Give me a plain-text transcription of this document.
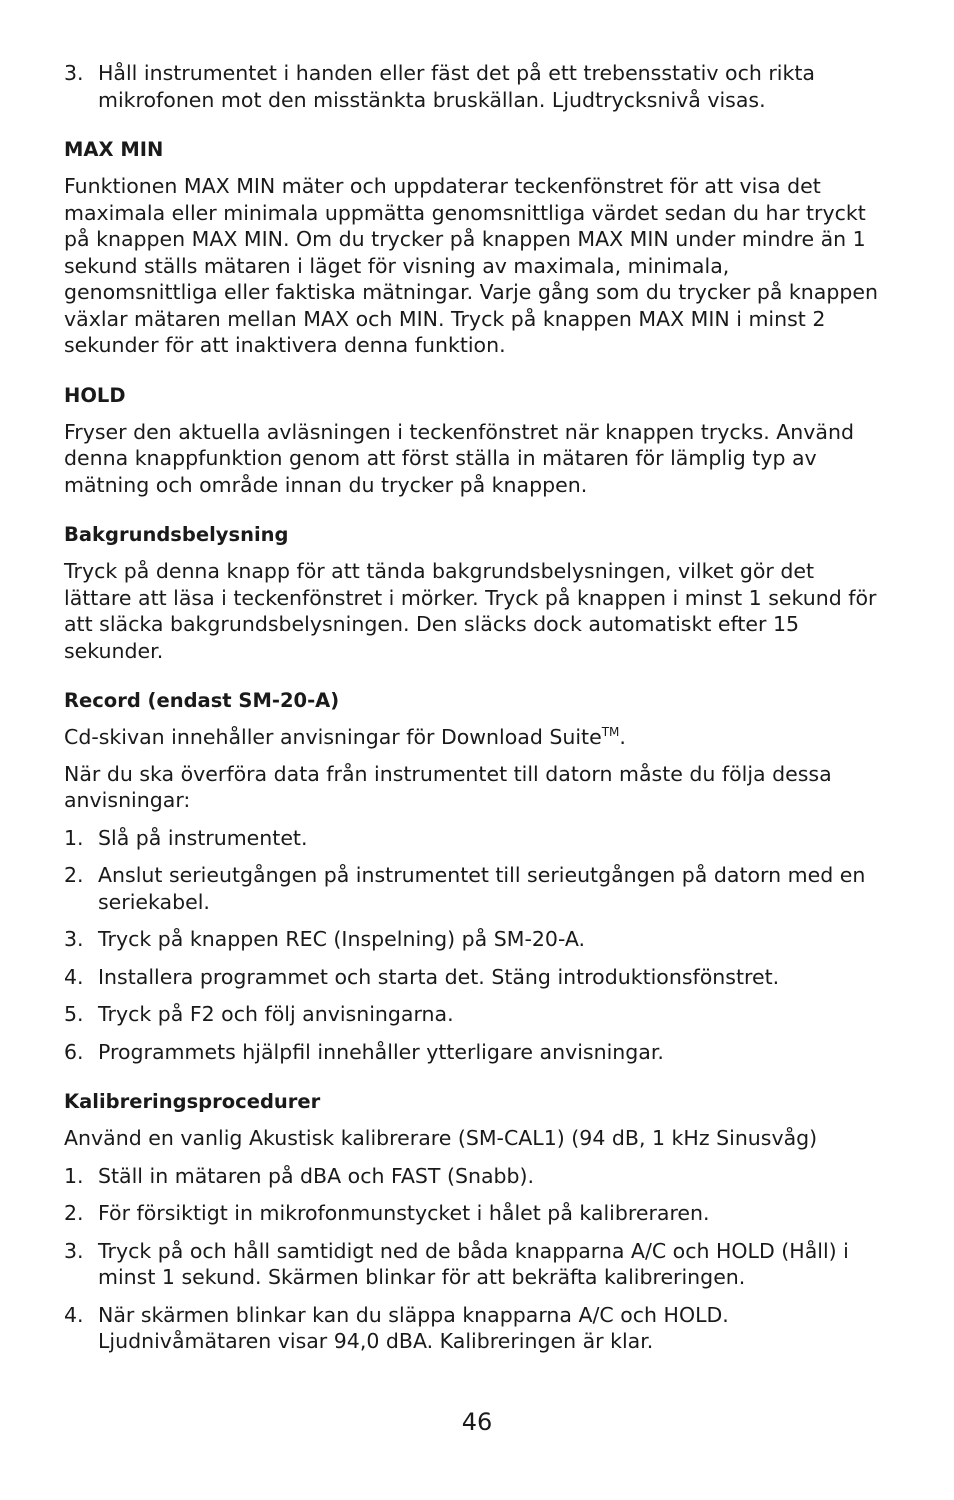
3. Håll instrumentet i handen eller fäst det på ett trebensstativ och rikta mikrofonen mot den misstänkta bruskällan. Ljudtrycksnivå visas.
MAX MIN

Funktionen MAX MIN mäter och uppdaterar teckenfönstret för att visa det maximala eller minimala uppmätta genomsnittliga värdet sedan du har tryckt på knappen MAX MIN. Om du trycker på knappen MAX MIN under mindre än 1 sekund ställs mätaren i läget för visning av maximala, minimala, genomsnittliga eller faktiska mätningar. Varje gång som du trycker på knappen växlar mätaren mellan MAX och MIN. Tryck på knappen MAX MIN i minst 2 sekunder för att inaktivera denna funktion.

HOLD

Fryser den aktuella avläsningen i teckenfönstret när knappen trycks. Använd denna knappfunktion genom att först ställa in mätaren för lämplig typ av mätning och område innan du trycker på knappen.

Bakgrundsbelysning

Tryck på denna knapp för att tända bakgrundsbelysningen, vilket gör det lättare att läsa i teckenfönstret i mörker. Tryck på knappen i minst 1 sekund för att släcka bakgrundsbelysningen. Den släcks dock automatiskt efter 15 sekunder.

Record (endast SM-20-A)

Cd-skivan innehåller anvisningar för Download Suite™.

När du ska överföra data från instrumentet till datorn måste du följa dessa anvisningar:

1. Slå på instrumentet.
2. Anslut serieutgången på instrumentet till serieutgången på datorn med en seriekabel.
3. Tryck på knappen REC (Inspelning) på SM-20-A.
4. Installera programmet och starta det. Stäng introduktionsfönstret.
5. Tryck på F2 och följ anvisningarna.
6. Programmets hjälpfil innehåller ytterligare anvisningar.
Kalibreringsprocedurer

Använd en vanlig Akustisk kalibrerare (SM-CAL1) (94 dB, 1 kHz Sinusvåg)

1. Ställ in mätaren på dBA och FAST (Snabb).
2. För försiktigt in mikrofonmunstycket i hålet på kalibreraren.
3. Tryck på och håll samtidigt ned de båda knapparna A/C och HOLD (Håll) i minst 1 sekund. Skärmen blinkar för att bekräfta kalibreringen.
4. När skärmen blinkar kan du släppa knapparna A/C och HOLD. Ljudnivåmätaren visar 94,0 dBA. Kalibreringen är klar.
46
